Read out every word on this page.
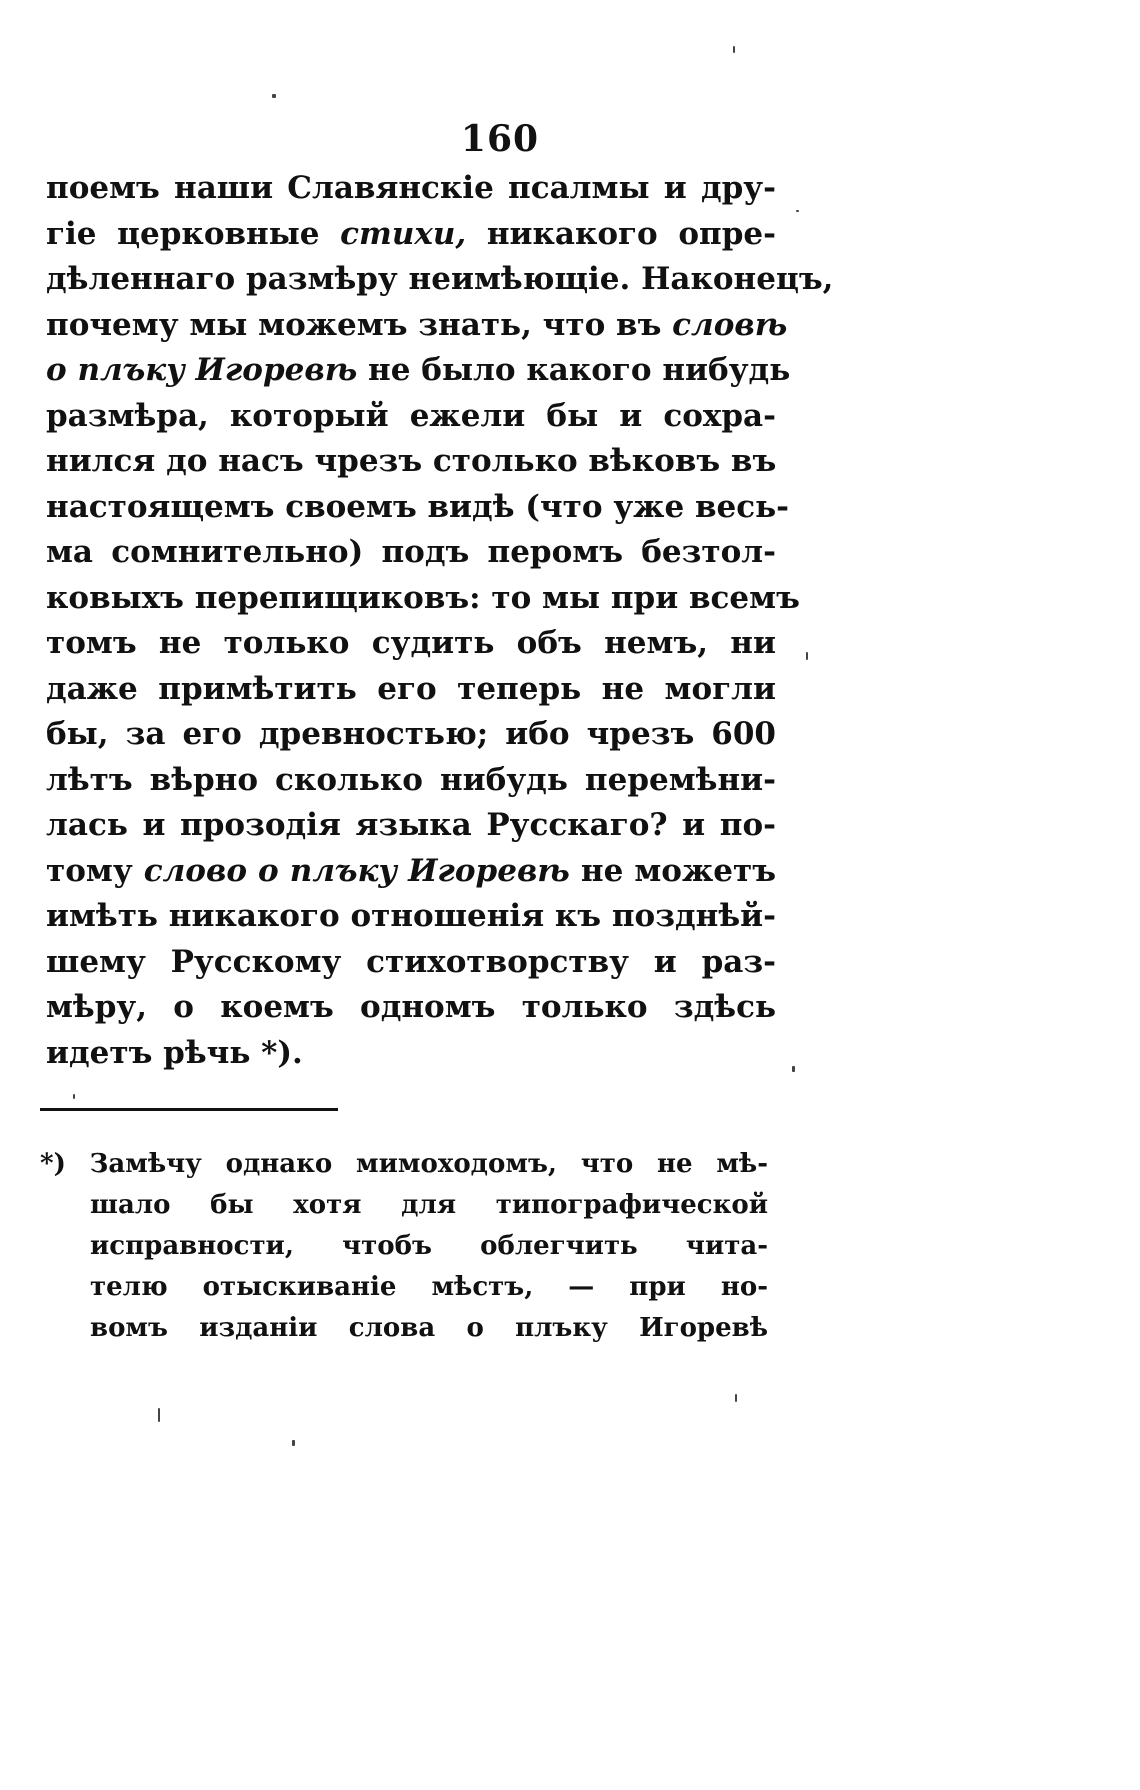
160
поемъ наши Славянскіе псалмы и дру-
гіе церковные стихи, никакого опре-
дѣленнаго размѣру неимѣющіе. Наконецъ,
почему мы можемъ знать, что въ словѣ
о плъку Игоревѣ не было какого нибудь
размѣра, который ежели бы и сохра-
нился до насъ чрезъ столько вѣковъ въ
настоящемъ своемъ видѣ (что уже весь-
ма сомнительно) подъ перомъ безтол-
ковыхъ перепищиковъ: то мы при всемъ
томъ не только судить объ немъ, ни
даже примѣтить его теперь не могли
бы, за его древностью; ибо чрезъ 600
лѣтъ вѣрно сколько нибудь перемѣни-
лась и прозодія языка Русскаго? и по-
тому слово о плъку Игоревѣ не можетъ
имѣть никакого отношенія къ позднѣй-
шему Русскому стихотворству и раз-
мѣру, о коемъ одномъ только здѣсь
идетъ рѣчь *).
*) Замѣчу однако мимоходомъ, что не мѣ-
шало бы хотя для типографической
исправности, чтобъ облегчить чита-
телю отыскиваніе мѣстъ, — при но-
вомъ изданіи слова о плъку Игоревѣ
